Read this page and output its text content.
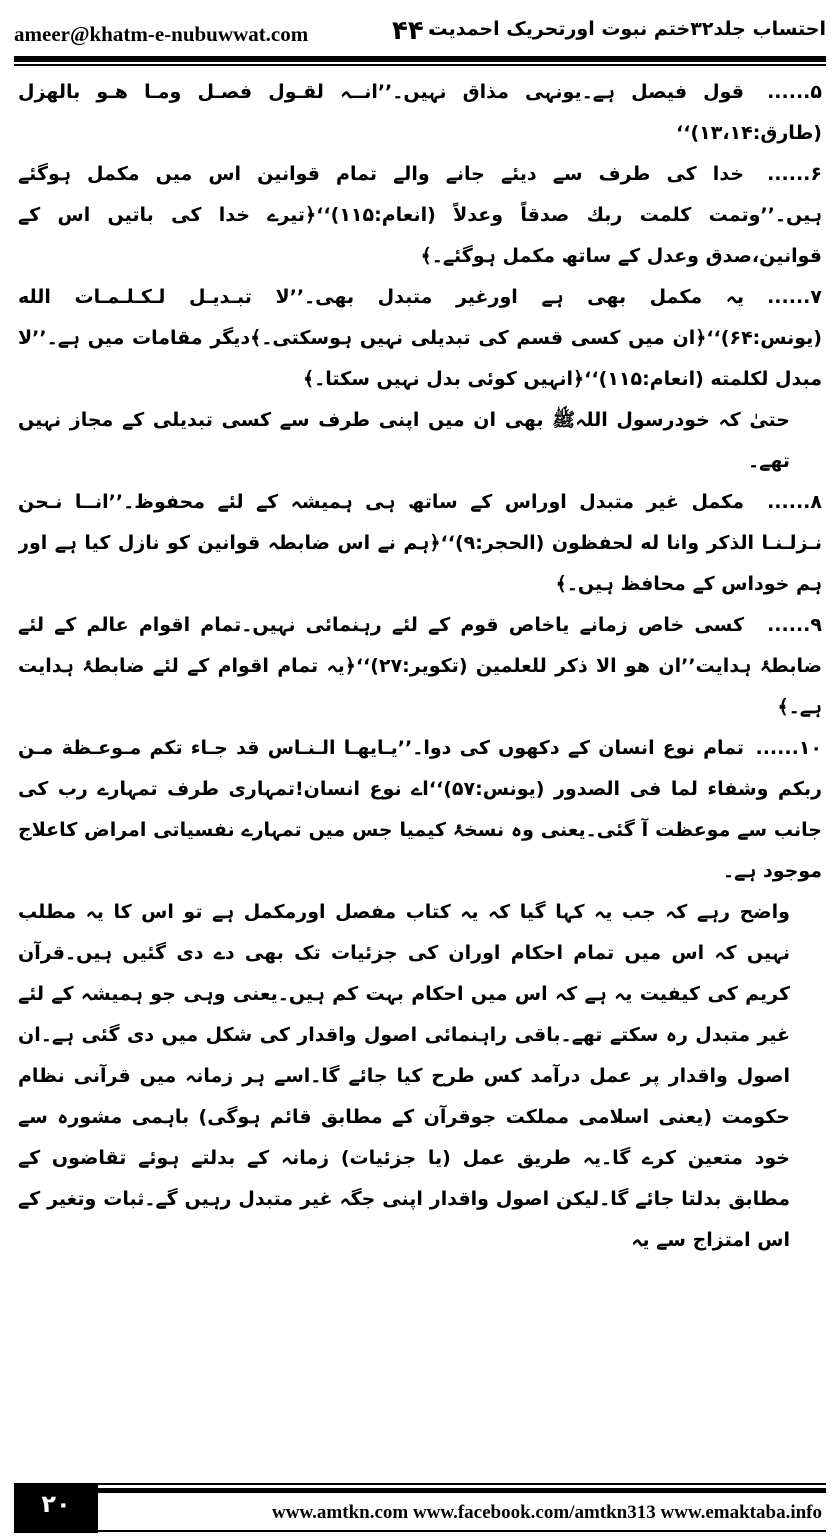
ameer@khatm-e-nubuwwat.com	۴۴۰
احتساب جلد۳۲ختم نبوت اورتحریک احمدیت

۵......قول فیصل ہے۔یونہی مذاق نہیں۔’’انــہ لقـول فصـل ومـا هـو بالهزل (طارق:۱۳،۱۴)‘‘

۶......خدا کی طرف سے دیئے جانے والے تمام قوانین اس میں مکمل ہوگئے ہیں۔’’وتمت کلمت ربك صدقاً وعدلاً (انعام:۱۱۵)‘‘﴿تیرے خدا کی باتیں اس کے قوانین،صدق وعدل کے ساتھ مکمل ہوگئے۔﴾

۷......یہ مکمل بھی ہے اورغیر متبدل بھی۔’’لا تبـدیـل لـکـلـمـات الله (یونس:۶۴)‘‘﴿ان میں کسی قسم کی تبدیلی نہیں ہوسکتی۔﴾دیگر مقامات میں ہے۔’’لا مبدل لکلمته (انعام:۱۱۵)‘‘﴿انہیں کوئی بدل نہیں سکتا۔﴾

حتیٰ کہ خودرسول اللہﷺ بھی ان میں اپنی طرف سے کسی تبدیلی کے مجاز نہیں تھے۔

۸......مکمل غیر متبدل اوراس کے ساتھ ہی ہمیشہ کے لئے محفوظ۔’’انــا نـحن نـزلـنـا الذکر وانا له لحفظون (الحجر:۹)‘‘﴿ہم نے اس ضابطہ قوانین کو نازل کیا ہے اور ہم خوداس کے محافظ ہیں۔﴾

۹......کسی خاص زمانے یاخاص قوم کے لئے رہنمائی نہیں۔تمام اقوام عالم کے لئے ضابطۂ ہدایت’’ان هو الا ذکر للعلمین (تکویر:۲۷)‘‘﴿یہ تمام اقوام کے لئے ضابطۂ ہدایت ہے۔﴾

۱۰......تمام نوع انسان کے دکھوں کی دوا۔’’یـایهـا الـنـاس قد جـاء تکم مـوعـظة مـن ربکم وشفاء لما فی الصدور (یونس:۵۷)‘‘اے نوع انسان!تمہاری طرف تمہارے رب کی جانب سے موعظت آ گئی۔یعنی وہ نسخۂ کیمیا جس میں تمہارے نفسیاتی امراض کاعلاج موجود ہے۔

واضح رہے کہ جب یہ کہا گیا کہ یہ کتاب مفصل اورمکمل ہے تو اس کا یہ مطلب نہیں کہ اس میں تمام احکام اوران کی جزئیات تک بھی دے دی گئیں ہیں۔قرآن کریم کی کیفیت یہ ہے کہ اس میں احکام بہت کم ہیں۔یعنی وہی جو ہمیشہ کے لئے غیر متبدل رہ سکتے تھے۔باقی راہنمائی اصول واقدار کی شکل میں دی گئی ہے۔ان اصول واقدار پر عمل درآمد کس طرح کیا جائے گا۔اسے ہر زمانہ میں قرآنی نظام حکومت (یعنی اسلامی مملکت جوقرآن کے مطابق قائم ہوگی) باہمی مشورہ سے خود متعین کرے گا۔یہ طریق عمل (یا جزئیات) زمانہ کے بدلتے ہوئے تقاضوں کے مطابق بدلتا جائے گا۔لیکن اصول واقدار اپنی جگہ غیر متبدل رہیں گے۔ثبات وتغیر کے اس امتزاج سے یہ

۲۰	www.amtkn.com www.facebook.com/amtkn313 www.emaktaba.info
